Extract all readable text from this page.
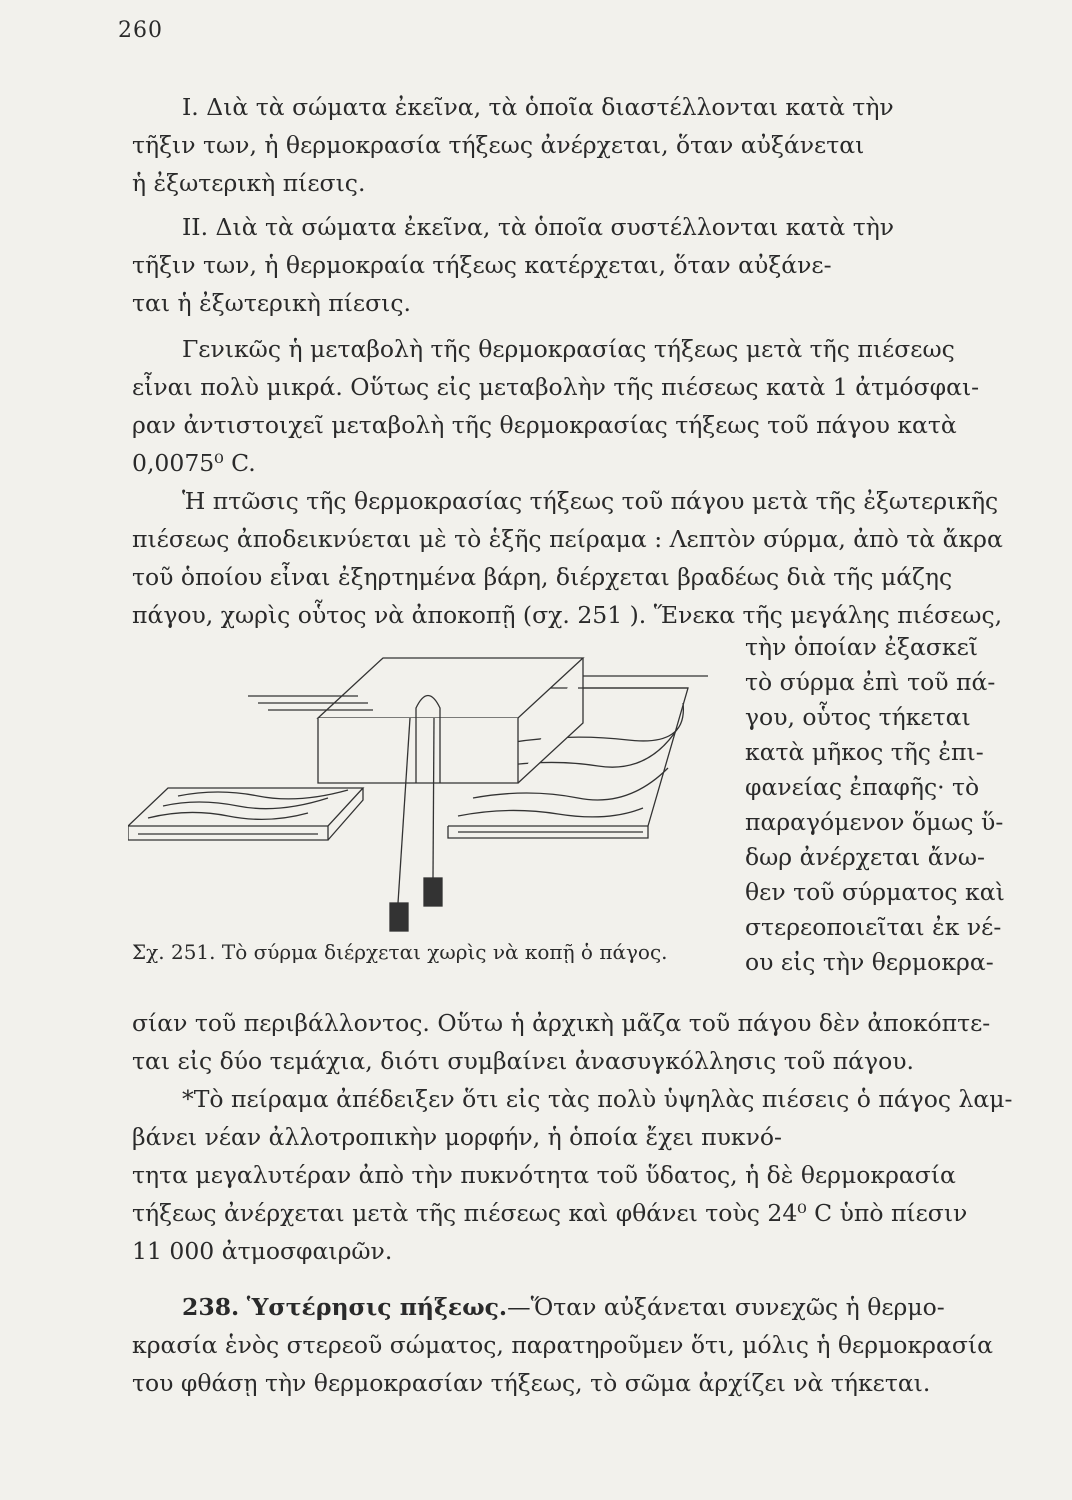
260
I. Διὰ τὰ σώματα ἐκεῖνα, τὰ ὁποῖα διαστέλλονται κατὰ τὴν
τῆξιν των, ἡ θερμοκρασία τήξεως ἀνέρχεται, ὅταν αὐξάνεται
ἡ ἐξωτερικὴ πίεσις.
II. Διὰ τὰ σώματα ἐκεῖνα, τὰ ὁποῖα συστέλλονται κατὰ τὴν
τῆξιν των, ἡ θερμοκραία τήξεως κατέρχεται, ὅταν αὐξάνε-
ται ἡ ἐξωτερικὴ πίεσις.
Γενικῶς ἡ μεταβολὴ τῆς θερμοκρασίας τήξεως μετὰ τῆς πιέσεως
εἶναι πολὺ μικρά. Οὕτως εἰς μεταβολὴν τῆς πιέσεως κατὰ 1 ἀτμόσφαι-
ραν ἀντιστοιχεῖ μεταβολὴ τῆς θερμοκρασίας τήξεως τοῦ πάγου κατὰ
0,0075⁰ C.
Ἡ πτῶσις τῆς θερμοκρασίας τήξεως τοῦ πάγου μετὰ τῆς ἐξωτερικῆς
πιέσεως ἀποδεικνύεται μὲ τὸ ἑξῆς πείραμα : Λεπτὸν σύρμα, ἀπὸ τὰ ἄκρα
τοῦ ὁποίου εἶναι ἐξηρτημένα βάρη, διέρχεται βραδέως διὰ τῆς μάζης
πάγου, χωρὶς οὗτος νὰ ἀποκοπῇ (σχ. 251 ). Ἕνεκα τῆς μεγάλης πιέσεως,
τὴν ὁποίαν ἐξασκεῖ
τὸ σύρμα ἐπὶ τοῦ πά-
γου, οὗτος τήκεται
κατὰ μῆκος τῆς ἐπι-
φανείας ἐπαφῆς· τὸ
παραγόμενον ὅμως ὕ-
δωρ ἀνέρχεται ἄνω-
θεν τοῦ σύρματος καὶ
στερεοποιεῖται ἐκ νέ-
ου εἰς τὴν θερμοκρα-
Σχ. 251. Τὸ σύρμα διέρχεται χωρὶς νὰ κοπῇ ὁ πάγος.
σίαν τοῦ περιβάλλοντος. Οὕτω ἡ ἀρχικὴ μᾶζα τοῦ πάγου δὲν ἀποκόπτε-
ται εἰς δύο τεμάχια, διότι συμβαίνει ἀνασυγκόλλησις τοῦ πάγου.
*Τὸ πείραμα ἀπέδειξεν ὅτι εἰς τὰς πολὺ ὑψηλὰς πιέσεις ὁ πάγος λαμ-
βάνει νέαν ἀλλοτροπικὴν μορφήν, ἡ ὁποία ἔχει πυκνό-
τητα μεγαλυτέραν ἀπὸ τὴν πυκνότητα τοῦ ὕδατος, ἡ δὲ θερμοκρασία
τήξεως ἀνέρχεται μετὰ τῆς πιέσεως καὶ φθάνει τοὺς 24⁰ C ὑπὸ πίεσιν
11 000 ἀτμοσφαιρῶν.
238. Ὑστέρησις πήξεως.—Ὅταν αὐξάνεται συνεχῶς ἡ θερμο-
κρασία ἑνὸς στερεοῦ σώματος, παρατηροῦμεν ὅτι, μόλις ἡ θερμοκρασία
του φθάσῃ τὴν θερμοκρασίαν τήξεως, τὸ σῶμα ἀρχίζει νὰ τήκεται.
